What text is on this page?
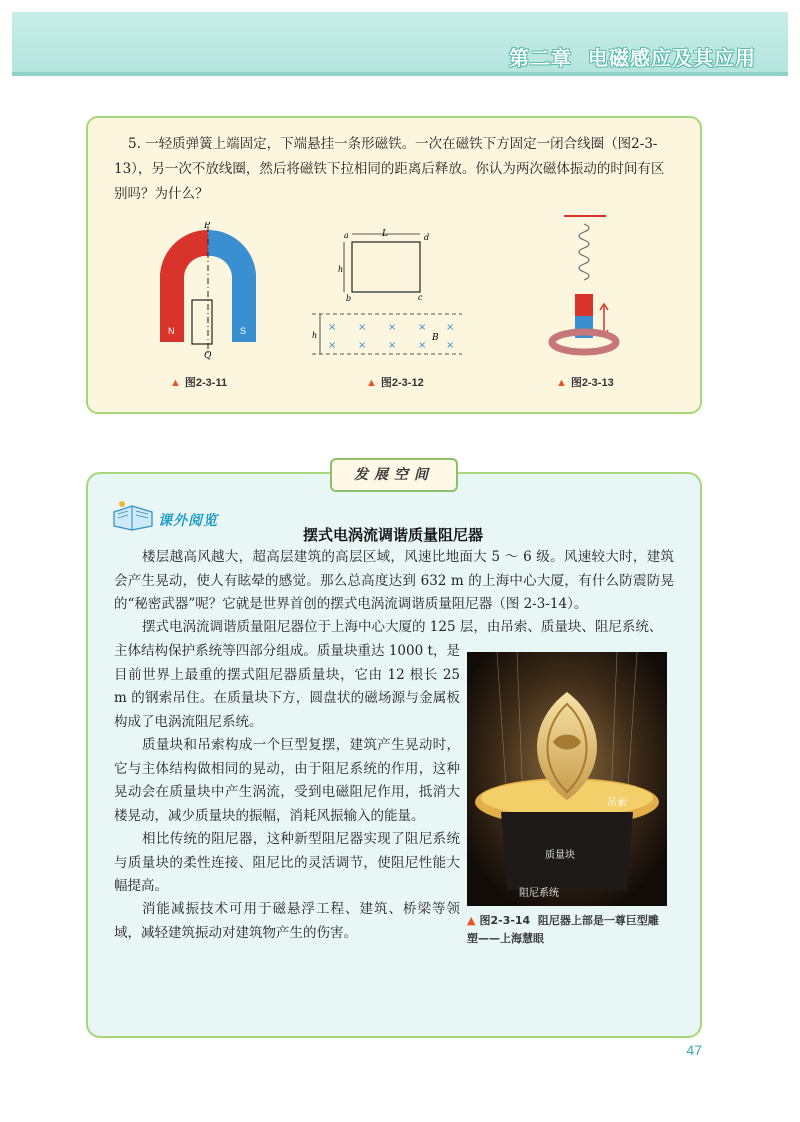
第二章 电磁感应及其应用
5. 一轻质弹簧上端固定，下端悬挂一条形磁铁。一次在磁铁下方固定一闭合线圈（图2-3-13），另一次不放线圈，然后将磁铁下拉相同的距离后释放。你认为两次磁体振动的时间有区别吗？为什么？
P
Q
N	S
▲ 图2-3-11
× × × × ×
× × × × ×
a	d
b	c
L
h
h	B
▲ 图2-3-12	▲ 图2-3-13
发展空间
课外阅览
摆式电涡流调谐质量阻尼器

楼层越高风越大，超高层建筑的高层区域，风速比地面大 5 ～ 6 级。风速较大时，建筑会产生晃动，使人有眩晕的感觉。那么总高度达到 632 m 的上海中心大厦，有什么防震防晃的“秘密武器”呢？它就是世界首创的摆式电涡流调谐质量阻尼器（图 2-3-14）。

摆式电涡流调谐质量阻尼器位于上海中心大厦的 125 层，由吊索、质量块、阻尼系统、

主体结构保护系统等四部分组成。质量块重达 1000 t，是目前世界上最重的摆式阻尼器质量块，它由 12 根长 25 m 的钢索吊住。在质量块下方，圆盘状的磁场源与金属板构成了电涡流阻尼系统。

质量块和吊索构成一个巨型复摆，建筑产生晃动时，它与主体结构做相同的晃动，由于阻尼系统的作用，这种晃动会在质量块中产生涡流，受到电磁阻尼作用，抵消大楼晃动，减少质量块的振幅，消耗风振输入的能量。

相比传统的阻尼器，这种新型阻尼器实现了阻尼系统与质量块的柔性连接、阻尼比的灵活调节，使阻尼性能大幅提高。

消能减振技术可用于磁悬浮工程、建筑、桥梁等领域，减轻建筑振动对建筑物产生的伤害。

吊索
质量块
阻尼系统
▲ 图2-3-14 阻尼器上部是一尊巨型雕塑——上海慧眼
47
